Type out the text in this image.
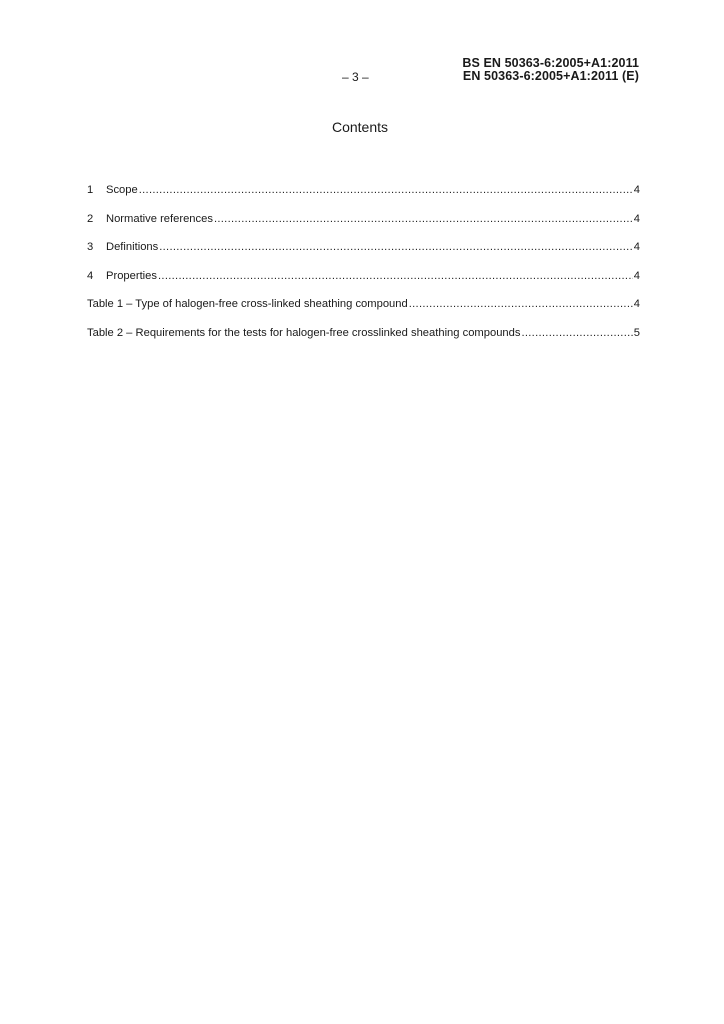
BS EN 50363-6:2005+A1:2011
– 3 –	EN 50363-6:2005+A1:2011 (E)
Contents
1	Scope .....	4
2	Normative references .....	4
3	Definitions .....	4
4	Properties .....	4
Table 1 – Type of halogen-free cross-linked sheathing compound .....	4
Table 2 – Requirements for the tests for halogen-free crosslinked sheathing compounds .....	5
